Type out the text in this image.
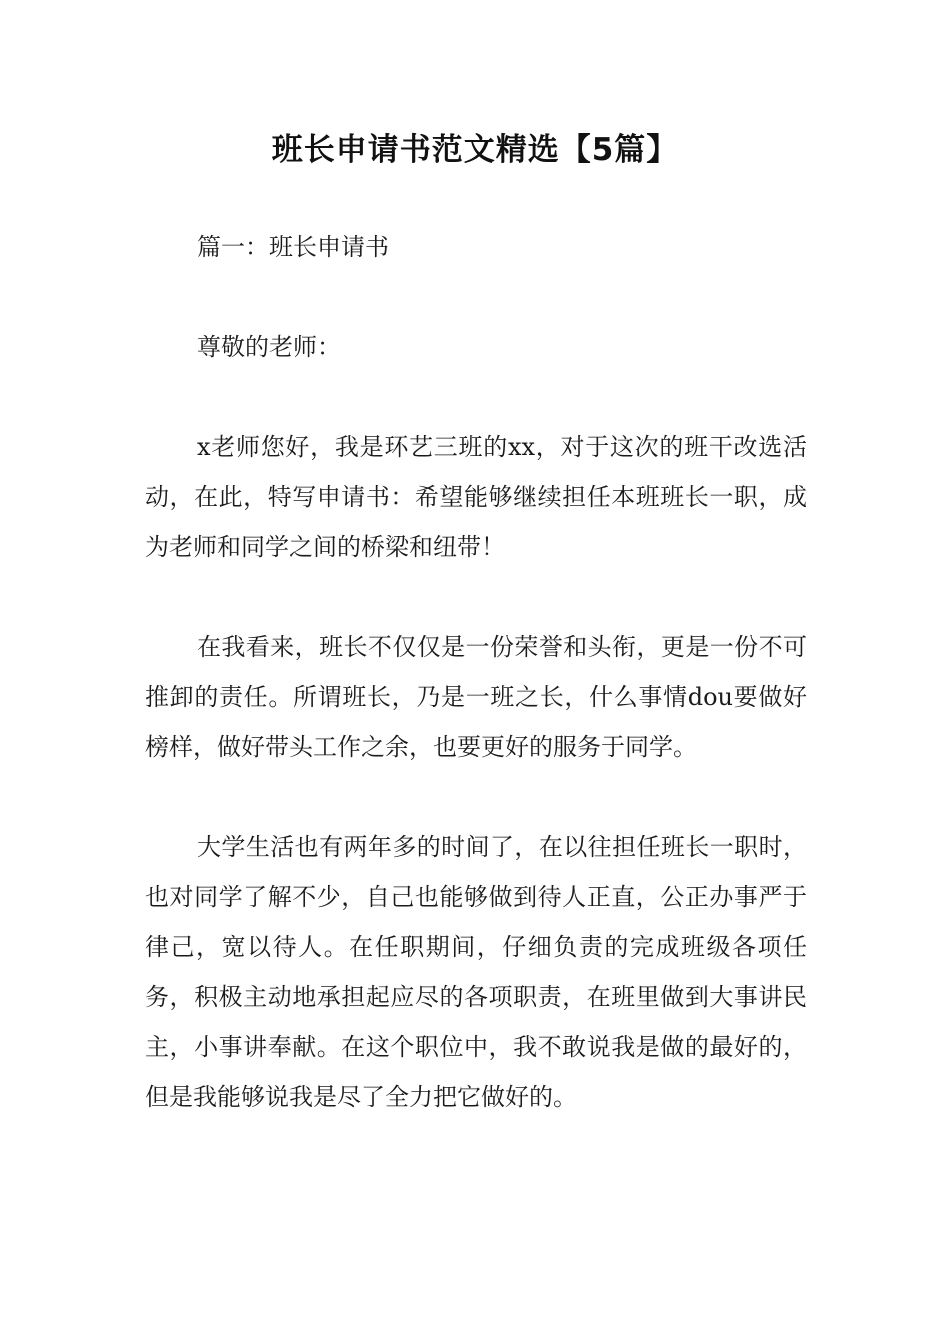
班长申请书范文精选【5篇】

篇一：班长申请书

尊敬的老师：

x老师您好，我是环艺三班的xx，对于这次的班干改选活动，在此，特写申请书：希望能够继续担任本班班长一职，成为老师和同学之间的桥梁和纽带！

在我看来，班长不仅仅是一份荣誉和头衔，更是一份不可推卸的责任。所谓班长，乃是一班之长，什么事情dou要做好榜样，做好带头工作之余，也要更好的服务于同学。

大学生活也有两年多的时间了，在以往担任班长一职时，也对同学了解不少，自己也能够做到待人正直，公正办事严于律己，宽以待人。在任职期间，仔细负责的完成班级各项任务，积极主动地承担起应尽的各项职责，在班里做到大事讲民主，小事讲奉献。在这个职位中，我不敢说我是做的最好的，但是我能够说我是尽了全力把它做好的。
